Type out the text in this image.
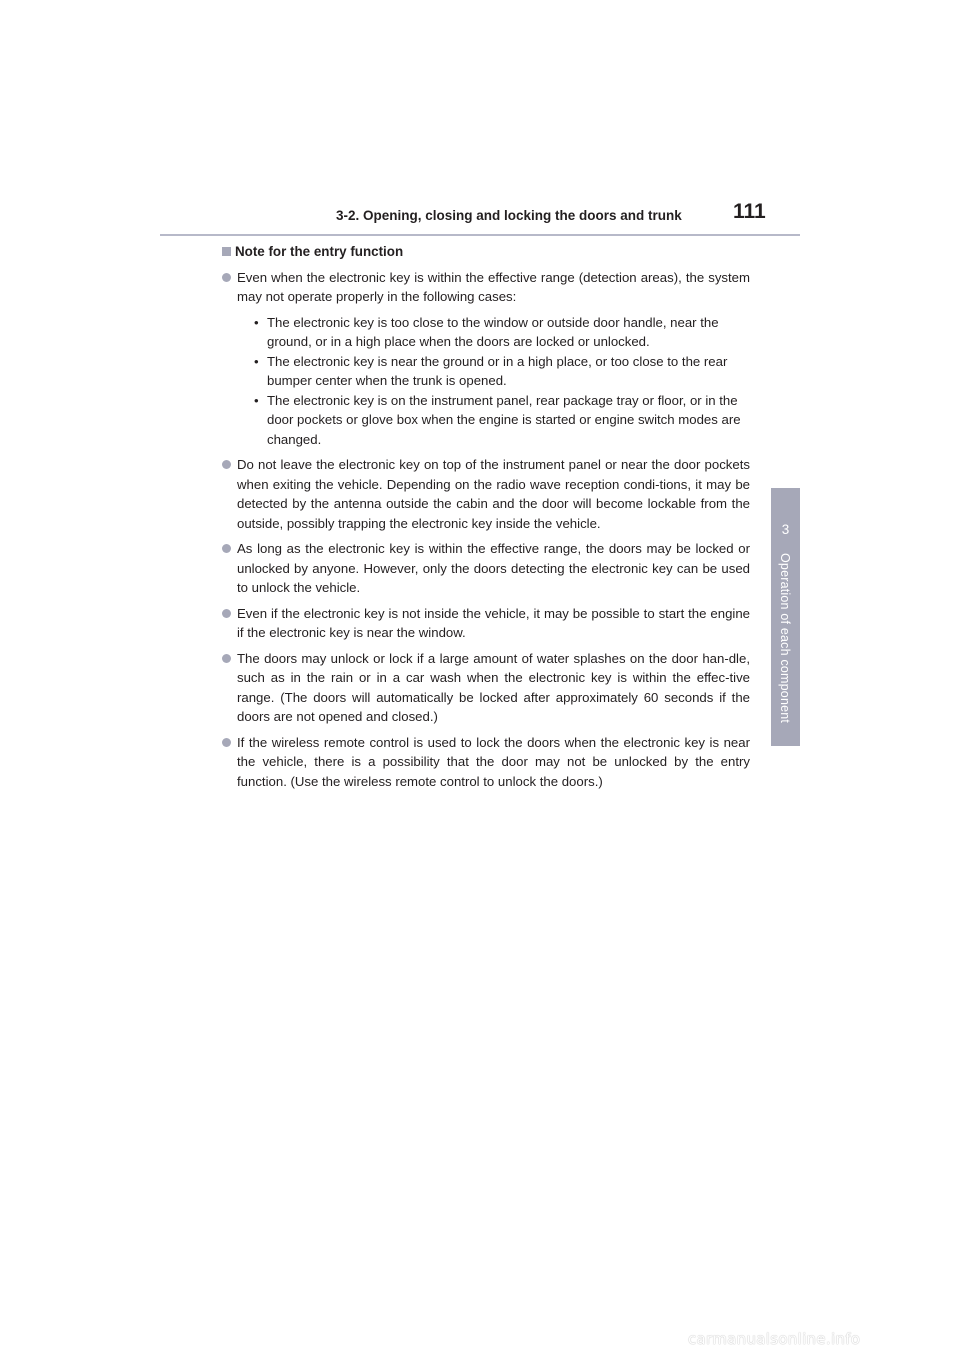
3-2. Opening, closing and locking the doors and trunk 111
3
Operation of each component
Note for the entry function
Even when the electronic key is within the effective range (detection areas), the system may not operate properly in the following cases:
• The electronic key is too close to the window or outside door handle, near the ground, or in a high place when the doors are locked or unlocked.
• The electronic key is near the ground or in a high place, or too close to the rear bumper center when the trunk is opened.
• The electronic key is on the instrument panel, rear package tray or floor, or in the door pockets or glove box when the engine is started or engine switch modes are changed.
Do not leave the electronic key on top of the instrument panel or near the door pockets when exiting the vehicle. Depending on the radio wave reception condi-tions, it may be detected by the antenna outside the cabin and the door will become lockable from the outside, possibly trapping the electronic key inside the vehicle.
As long as the electronic key is within the effective range, the doors may be locked or unlocked by anyone. However, only the doors detecting the electronic key can be used to unlock the vehicle.
Even if the electronic key is not inside the vehicle, it may be possible to start the engine if the electronic key is near the window.
The doors may unlock or lock if a large amount of water splashes on the door han-dle, such as in the rain or in a car wash when the electronic key is within the effec-tive range. (The doors will automatically be locked after approximately 60 seconds if the doors are not opened and closed.)
If the wireless remote control is used to lock the doors when the electronic key is near the vehicle, there is a possibility that the door may not be unlocked by the entry function. (Use the wireless remote control to unlock the doors.)
carmanualsonline.info
